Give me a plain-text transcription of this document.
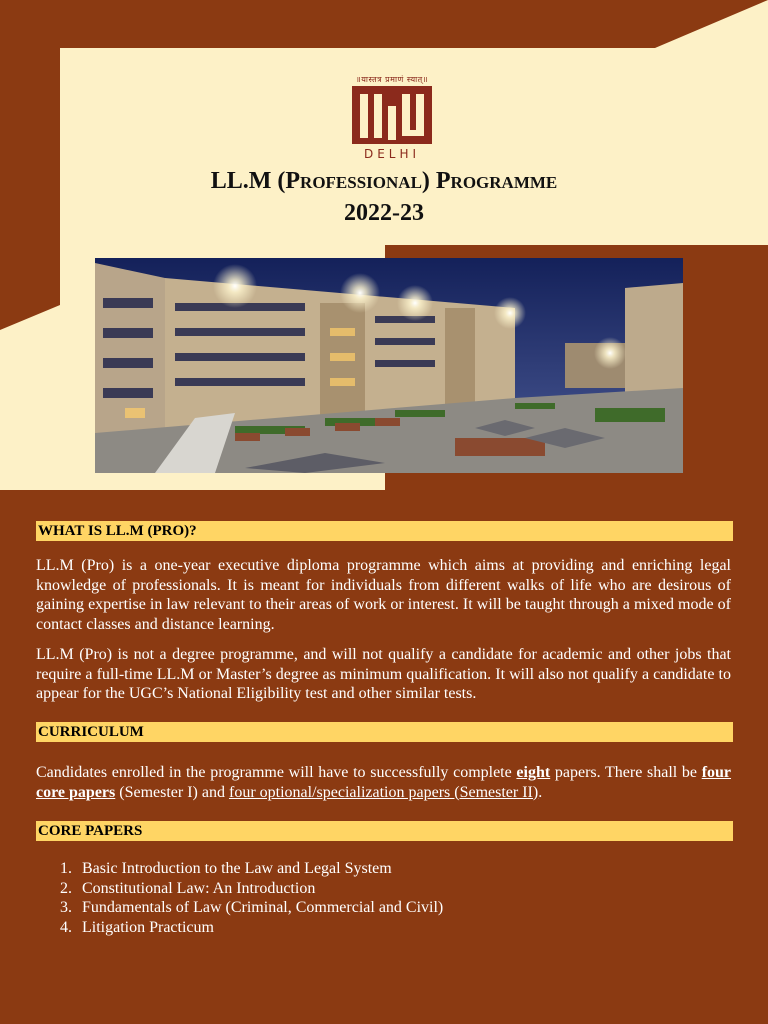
॥यास्तत्र प्रमाणं स्यात्॥
DELHI
LL.M (Professional) Programme
2022-23
WHAT IS LL.M (PRO)?

LL.M (Pro) is a one-year executive diploma programme which aims at providing and enriching legal knowledge of professionals. It is meant for individuals from different walks of life who are desirous of gaining expertise in law relevant to their areas of work or interest. It will be taught through a mixed mode of contact classes and distance learning.

LL.M (Pro) is not a degree programme, and will not qualify a candidate for academic and other jobs that require a full-time LL.M or Master’s degree as minimum qualification. It will also not qualify a candidate to appear for the UGC’s National Eligibility test and other similar tests.

CURRICULUM

Candidates enrolled in the programme will have to successfully complete eight papers. There shall be four core papers (Semester I) and four optional/specialization papers (Semester II).

CORE PAPERS
1. Basic Introduction to the Law and Legal System
2. Constitutional Law: An Introduction
3. Fundamentals of Law (Criminal, Commercial and Civil)
4. Litigation Practicum
